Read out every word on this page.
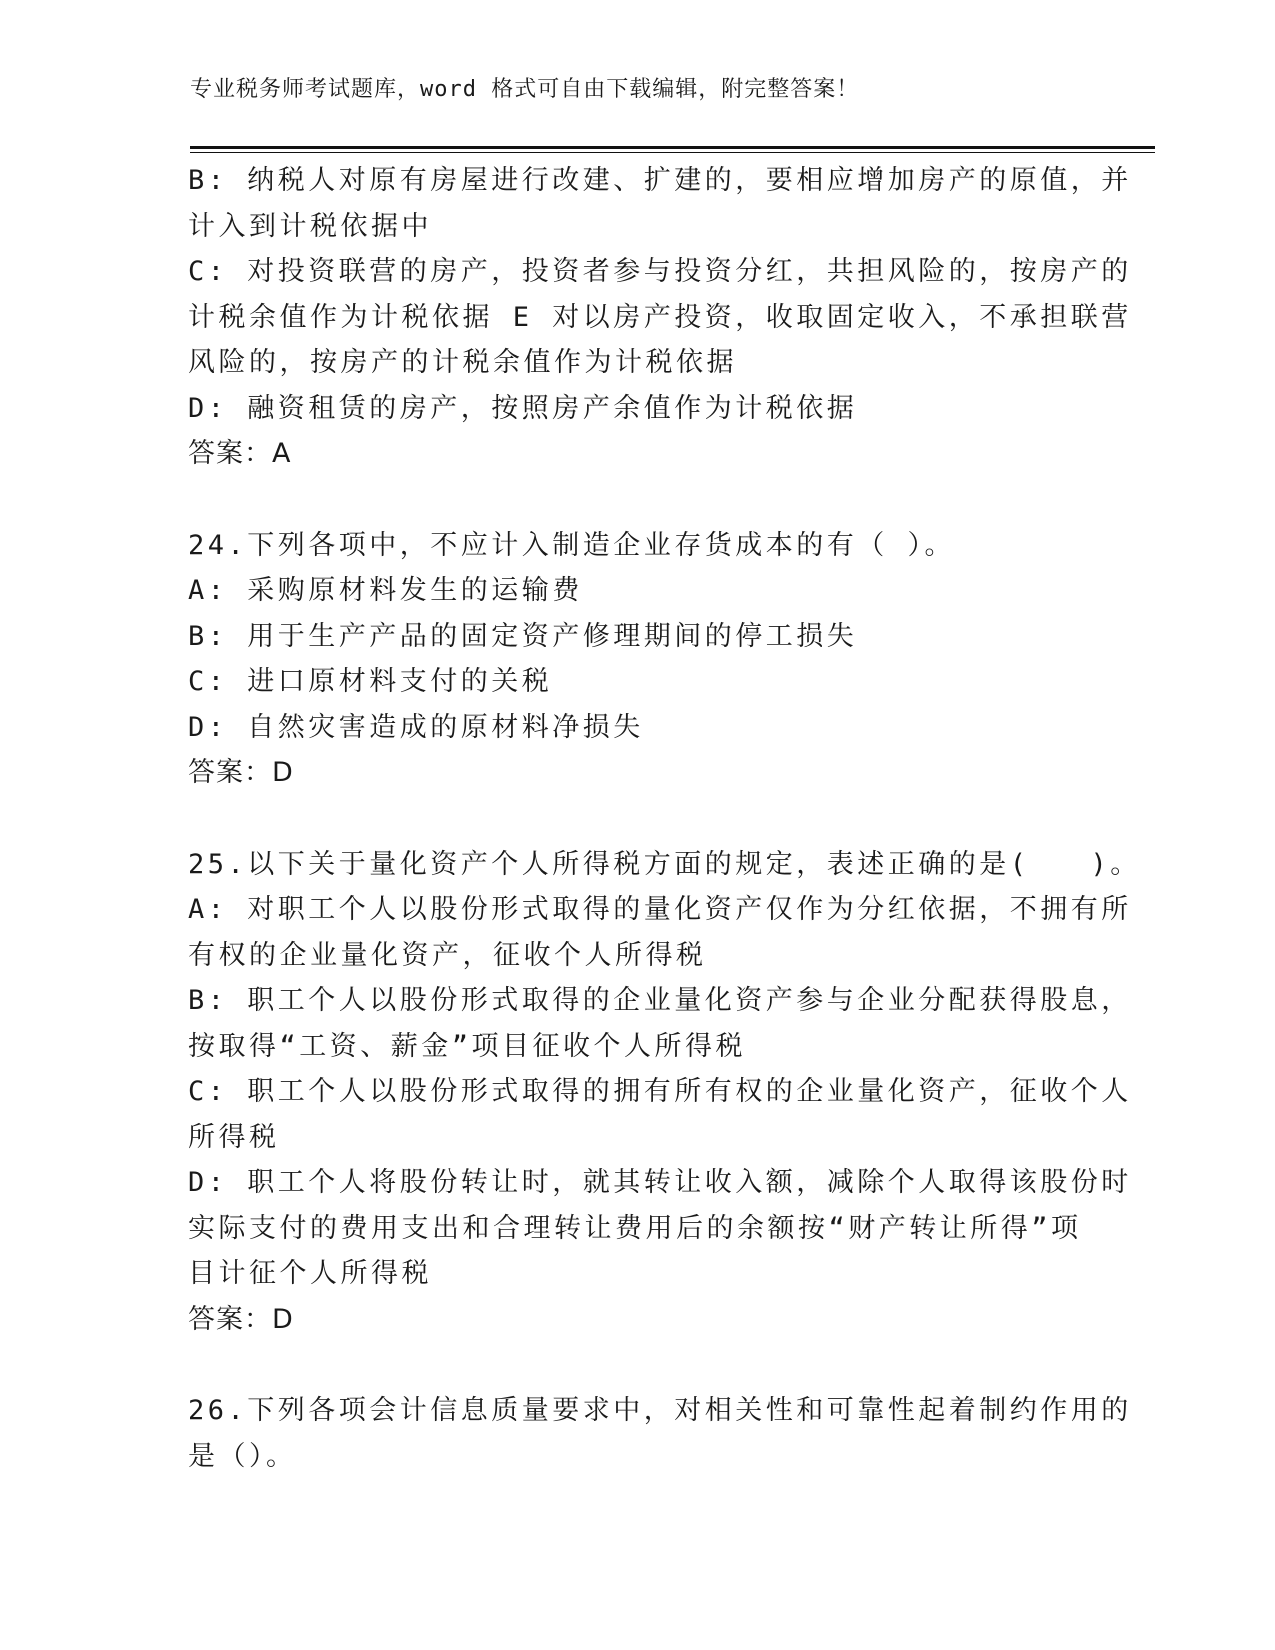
专业税务师考试题库，word 格式可自由下载编辑，附完整答案！
B: 纳税人对原有房屋进行改建、扩建的，要相应增加房产的原值，并
计入到计税依据中
C: 对投资联营的房产，投资者参与投资分红，共担风险的，按房产的
计税余值作为计税依据 E 对以房产投资，收取固定收入，不承担联营
风险的，按房产的计税余值作为计税依据
D: 融资租赁的房产，按照房产余值作为计税依据
答案：A
24.下列各项中，不应计入制造企业存货成本的有（ ）。
A: 采购原材料发生的运输费
B: 用于生产产品的固定资产修理期间的停工损失
C: 进口原材料支付的关税
D: 自然灾害造成的原材料净损失
答案：D
25.以下关于量化资产个人所得税方面的规定，表述正确的是(　　)。
A: 对职工个人以股份形式取得的量化资产仅作为分红依据，不拥有所
有权的企业量化资产，征收个人所得税
B: 职工个人以股份形式取得的企业量化资产参与企业分配获得股息，
按取得“工资、薪金”项目征收个人所得税
C: 职工个人以股份形式取得的拥有所有权的企业量化资产，征收个人
所得税
D: 职工个人将股份转让时，就其转让收入额，减除个人取得该股份时
实际支付的费用支出和合理转让费用后的余额按“财产转让所得”项
目计征个人所得税
答案：D
26.下列各项会计信息质量要求中，对相关性和可靠性起着制约作用的
是（）。
